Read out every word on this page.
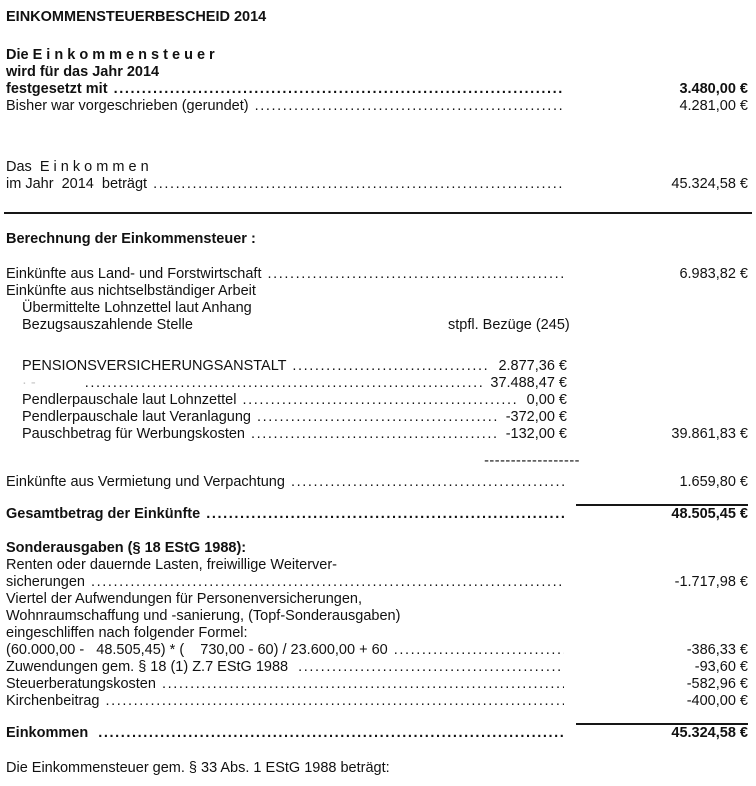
EINKOMMENSTEUERBESCHEID 2014
Die E i n k o m m e n s t e u e r
wird für das Jahr 2014
festgesetzt mit .....	3.480,00 €
Bisher war vorgeschrieben (gerundet) .....	4.281,00 €
Das  E i n k o m m e n
im Jahr  2014  beträgt .....	45.324,58 €
Berechnung der Einkommensteuer :
Einkünfte aus Land- und Forstwirtschaft .....	6.983,82 €
Einkünfte aus nichtselbständiger Arbeit
Übermittelte Lohnzettel laut Anhang
Bezugsauszahlende Stelle	stpfl. Bezüge (245)
PENSIONSVERSICHERUNGSANSTALT .....	2.877,36 €
· ‐ .....	37.488,47 €
Pendlerpauschale laut Lohnzettel .....	0,00 €
Pendlerpauschale laut Veranlagung .....	-372,00 €
Pauschbetrag für Werbungskosten .....	-132,00 €	39.861,83 €
------------------
Einkünfte aus Vermietung und Verpachtung .....	1.659,80 €
Gesamtbetrag der Einkünfte .....	48.505,45 €
Sonderausgaben (§ 18 EStG 1988):
Renten oder dauernde Lasten, freiwillige Weiterver-
sicherungen .....	-1.717,98 €
Viertel der Aufwendungen für Personenversicherungen,
Wohnraumschaffung und -sanierung, (Topf-Sonderausgaben)
eingeschliffen nach folgender Formel:
(60.000,00 -   48.505,45) * (    730,00 - 60) / 23.600,00 + 60 .....	-386,33 €
Zuwendungen gem. § 18 (1) Z.7 EStG 1988 .....	-93,60 €
Steuerberatungskosten .....	-582,96 €
Kirchenbeitrag .....	-400,00 €
Einkommen .....	45.324,58 €
Die Einkommensteuer gem. § 33 Abs. 1 EStG 1988 beträgt:
